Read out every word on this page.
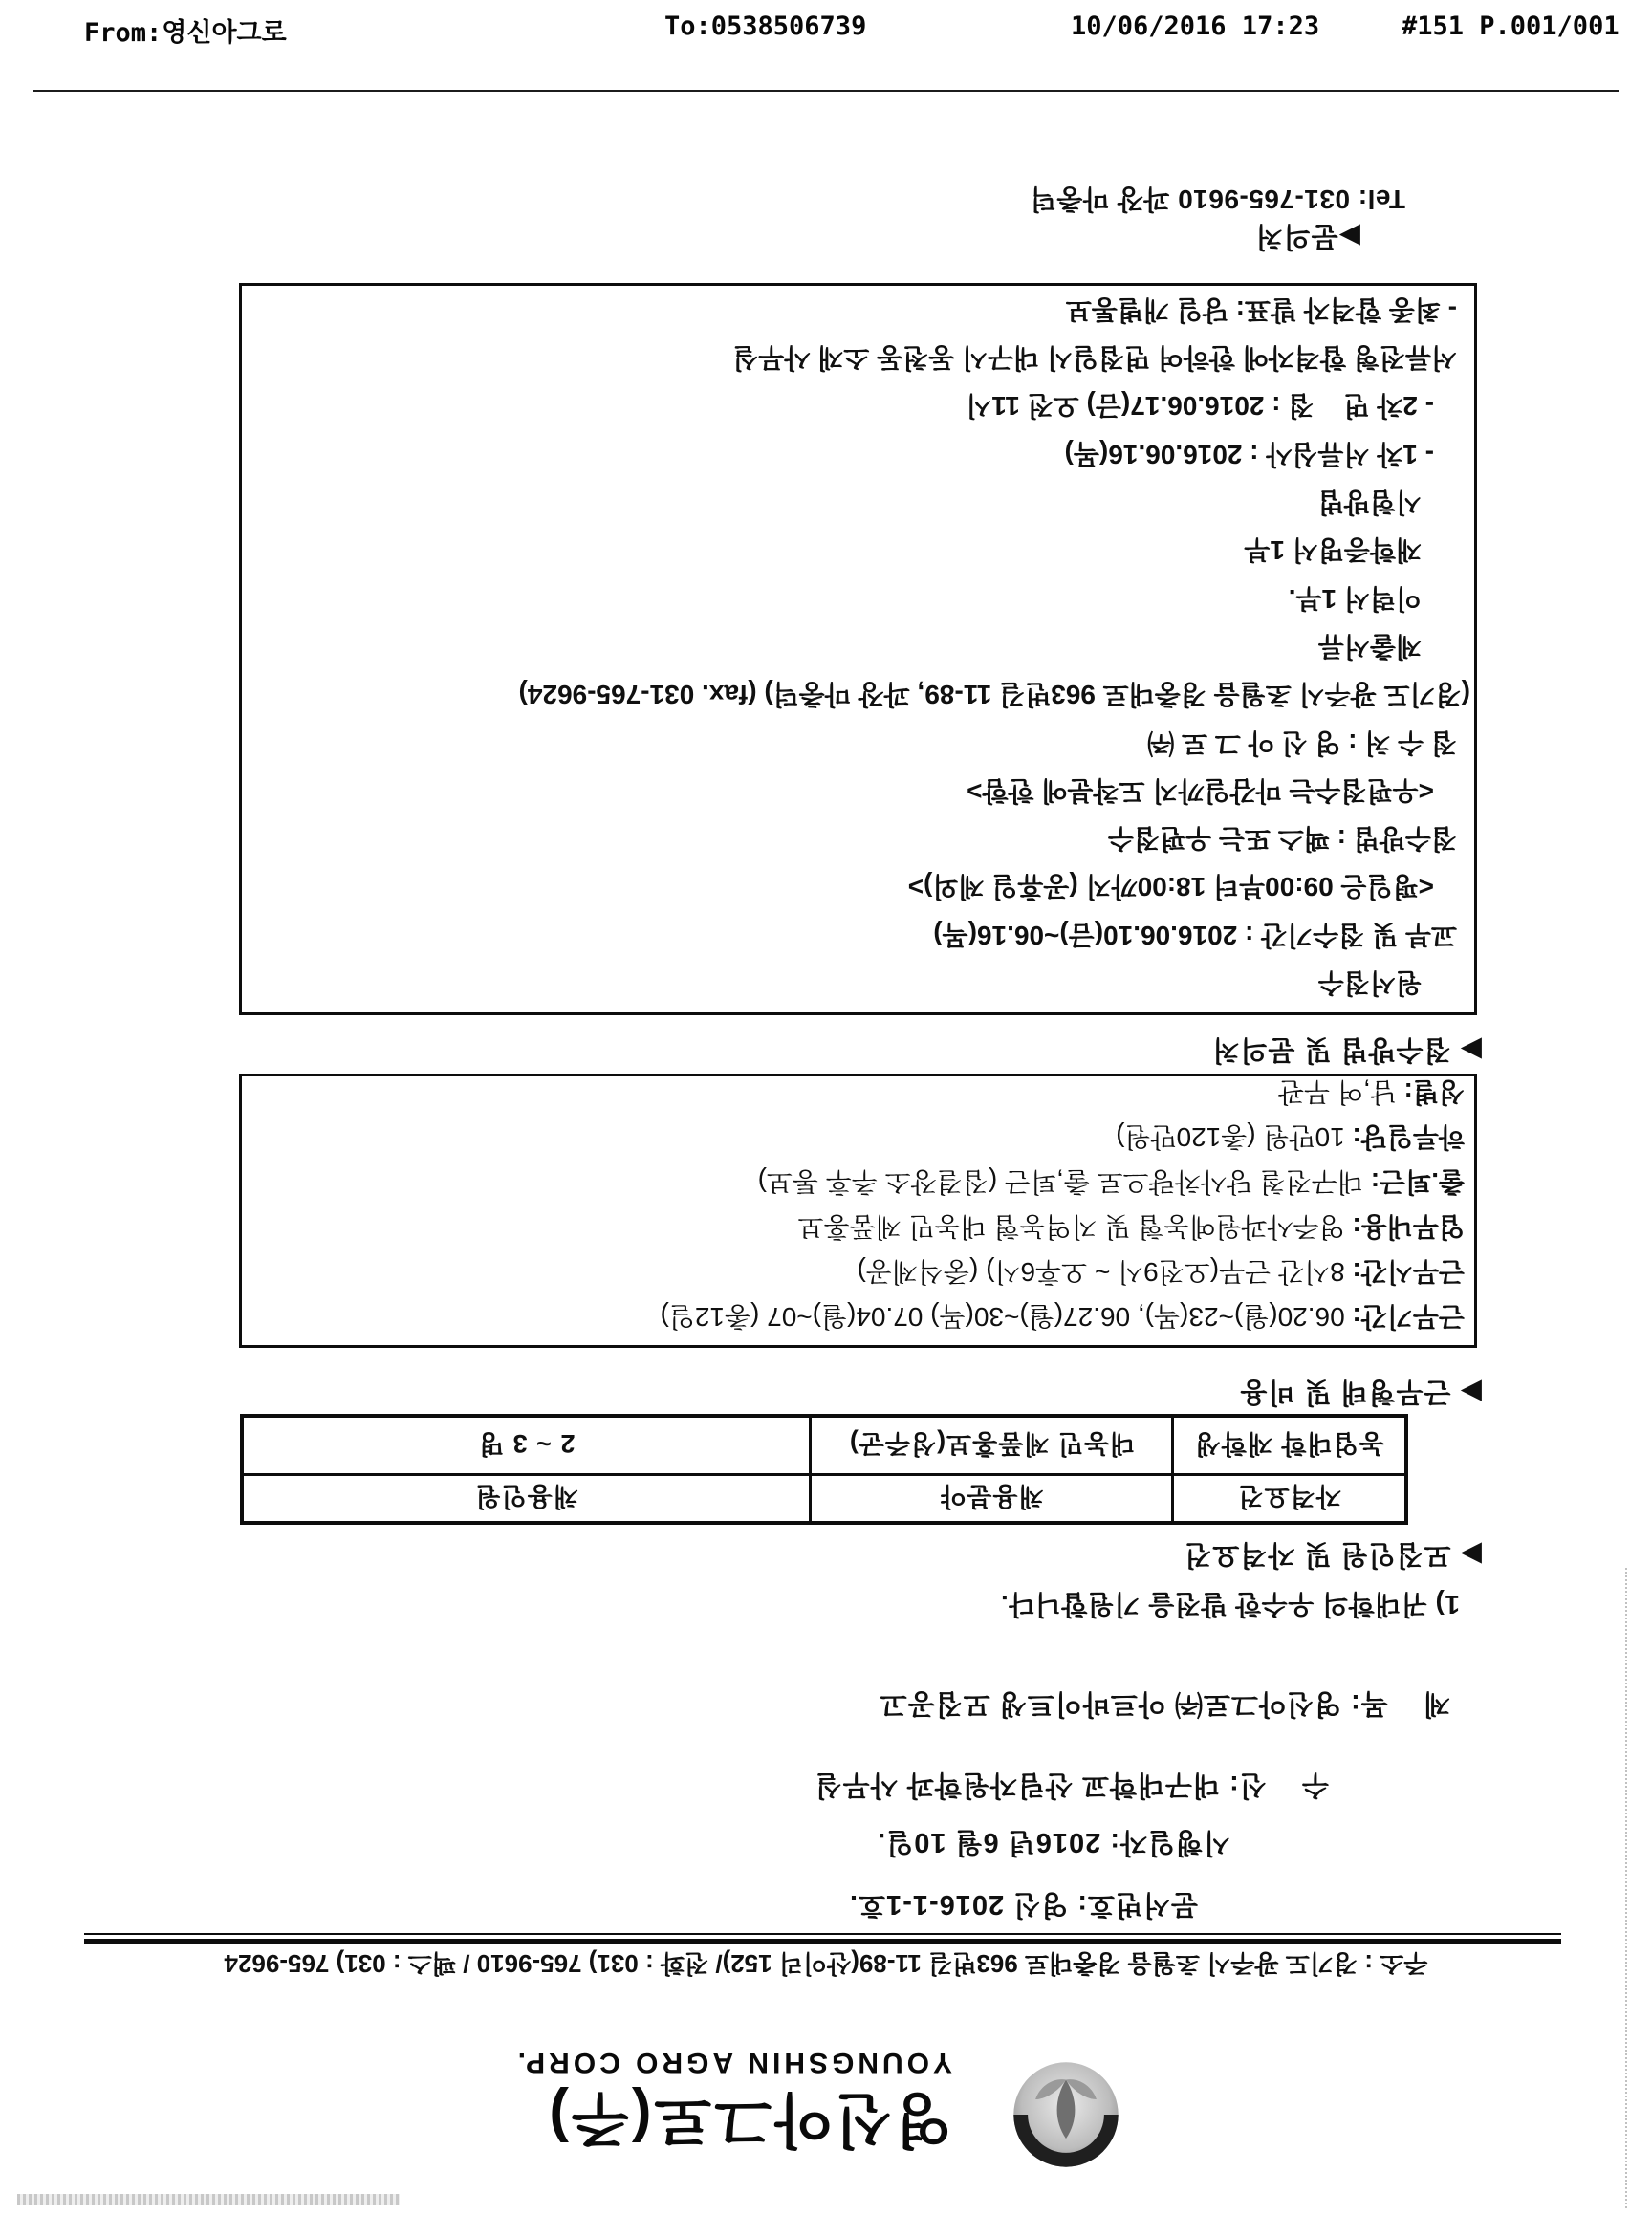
From:영신아그로	To:0538506739	10/06/2016 17:23	#151 P.001/001
영신아그로(주)
YOUNGSHIN AGRO CORP.
주소 : 경기도 광주시 초월읍 경충대로 963번길 11-89(산이리 152)/ 전화 : 031) 765-9610 / 팩스 : 031) 765-9624
문서번호: 영신 2016-1-1호.
시행일자: 2016년 6월 10일.
수    신: 대구대학교 산림자원학과 사무실
제    목: 영신아그로㈜ 아르바이트생 모집공고
1) 귀대학의 우수한 발전을 기원합니다.
▶ 모집인원 및 자격요건
자격요건	채용분야	채용인원
농업대학 재학생	대농민 제품홍보(성주군)	2 ~ 3 명
▶ 근무형태 및 비용
근무기간: 06.20(월)~23(목), 06.27(월)~30(목) 07.04(월)~07 (총12일)
근무시간: 8시간 근무(오전9시 ~ 오후6시) (중식제공)
업무내용: 영주사과원예농협 및 지역농협 대농민 제품홍보
출.퇴근: 대구전철 당사차량으로 출,퇴근 (집결장소 추후 통보)
하루일당: 10만원 (총120만원)
성별: 남,여 무관
▶ 접수방법 및 문의처
원서접수
교부 및 접수기간 : 2016.06.10(금)~06.16(목)
<평일은 09:00부터 18:00까지 (공휴일 제외)>
접수방법 : 팩스 또는 우편접수
<우편접수는 마감일까지 도착분에 한함>
접 수 처 : 영 신 아 그 로 ㈜
(경기도 광주시 초월읍 경충대로 963번길 11-89, 과장 마충덕) (fax. 031-765-9624)
제출서류
이력서 1부.
재학증명서 1부
시험방법
- 1차 서류심사 : 2016.06.16(목)
- 2차 면    접 : 2016.06.17(금) 오전 11시
서류전형 합격자에 한하여 면접일시 대구시 동천동 소재 사무실
- 최종 합격자 발표: 당일 개별통보
▶문의처
Tel: 031-765-9610 과장 마충덕
